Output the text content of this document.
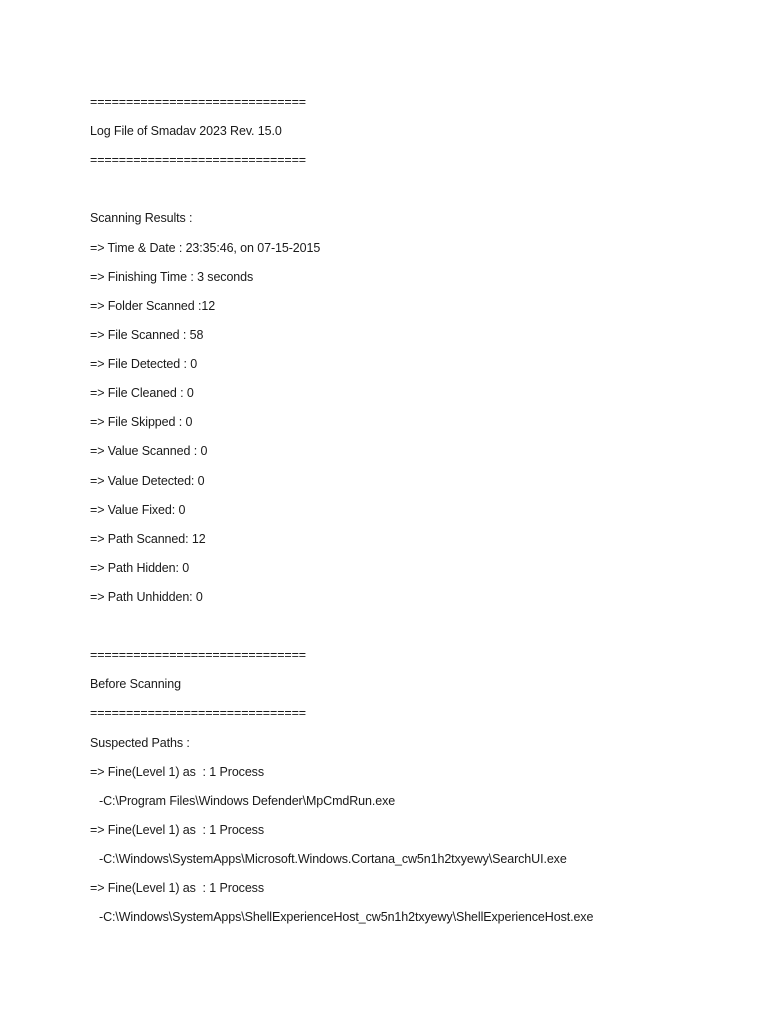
==============================
Log File of Smadav 2023 Rev. 15.0
==============================
Scanning Results :
=> Time & Date : 23:35:46, on 07-15-2015
=> Finishing Time : 3 seconds
=> Folder Scanned :12
=> File Scanned : 58
=> File Detected : 0
=> File Cleaned : 0
=> File Skipped : 0
=> Value Scanned : 0
=> Value Detected: 0
=> Value Fixed: 0
=> Path Scanned: 12
=> Path Hidden: 0
=> Path Unhidden: 0
==============================
Before Scanning
==============================
Suspected Paths :
=> Fine(Level 1) as  : 1 Process
-C:\Program Files\Windows Defender\MpCmdRun.exe
=> Fine(Level 1) as  : 1 Process
-C:\Windows\SystemApps\Microsoft.Windows.Cortana_cw5n1h2txyewy\SearchUI.exe
=> Fine(Level 1) as  : 1 Process
-C:\Windows\SystemApps\ShellExperienceHost_cw5n1h2txyewy\ShellExperienceHost.exe
